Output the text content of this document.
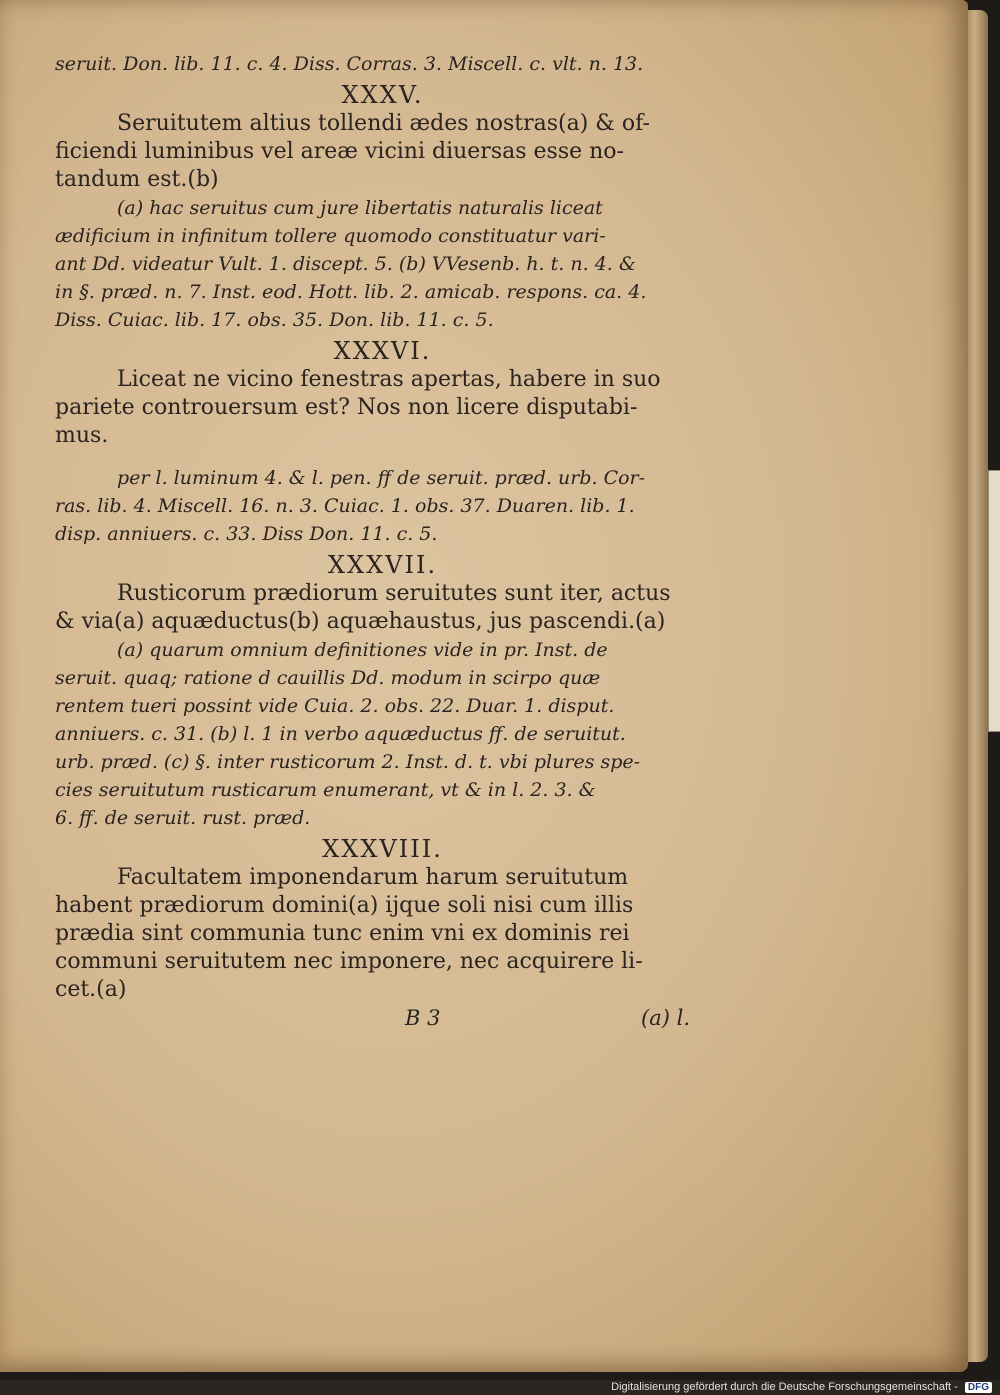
seruit. Don. lib. 11. c. 4. Diss. Corras. 3. Miscell. c. vlt. n. 13.
XXXV.
Seruitutem altius tollendi ædes nostras(a) & of-
ficiendi luminibus vel areæ vicini diuersas esse no-
tandum est.(b)
(a) hac seruitus cum jure libertatis naturalis liceat
ædificium in infinitum tollere quomodo constituatur vari-
ant Dd. videatur Vult. 1. discept. 5. (b) VVesenb. h. t. n. 4. &
in §. præd. n. 7. Inst. eod. Hott. lib. 2. amicab. respons. ca. 4.
Diss. Cuiac. lib. 17. obs. 35. Don. lib. 11. c. 5.
XXXVI.
Liceat ne vicino fenestras apertas, habere in suo
pariete controuersum est? Nos non licere disputabi-
mus.
per l. luminum 4. & l. pen. ff de seruit. præd. urb. Cor-
ras. lib. 4. Miscell. 16. n. 3. Cuiac. 1. obs. 37. Duaren. lib. 1.
disp. anniuers. c. 33. Diss Don. 11. c. 5.
XXXVII.
Rusticorum prædiorum seruitutes sunt iter, actus
& via(a) aquæductus(b) aquæhaustus, jus pascendi.(a)
(a) quarum omnium definitiones vide in pr. Inst. de
seruit. quaq; ratione d cauillis Dd. modum in scirpo quæ
rentem tueri possint vide Cuia. 2. obs. 22. Duar. 1. disput.
anniuers. c. 31. (b) l. 1 in verbo aquæductus ff. de seruitut.
urb. præd. (c) §. inter rusticorum 2. Inst. d. t. vbi plures spe-
cies seruitutum rusticarum enumerant, vt & in l. 2. 3. &
6. ff. de seruit. rust. præd.
XXXVIII.
Facultatem imponendarum harum seruitutum
habent prædiorum domini(a) ijque soli nisi cum illis
prædia sint communia tunc enim vni ex dominis rei
communi seruitutem nec imponere, nec acquirere li-
cet.(a)
B 3	(a) l.
Digitalisierung gefördert durch die Deutsche Forschungsgemeinschaft - DFG
